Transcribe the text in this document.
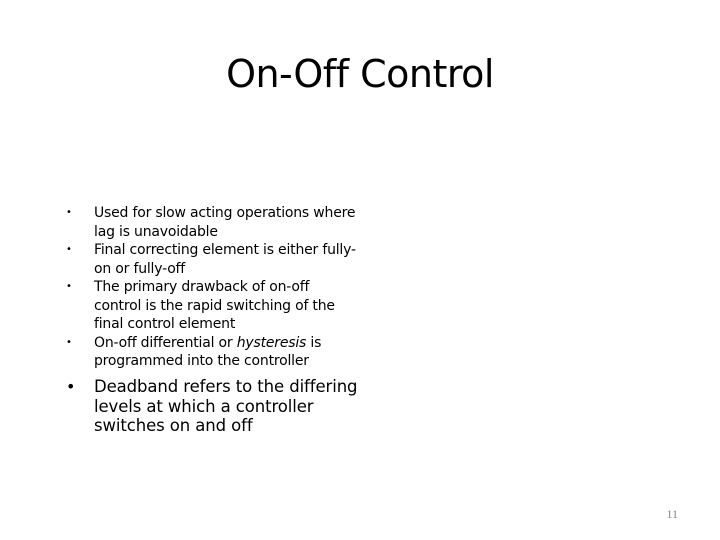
On-Off Control
• Used for slow acting operations where lag is unavoidable
• Final correcting element is either fully-on or fully-off
• The primary drawback of on-off control is the rapid switching of the final control element
• On-off differential or hysteresis is programmed into the controller
• Deadband refers to the differing levels at which a controller switches on and off
11
